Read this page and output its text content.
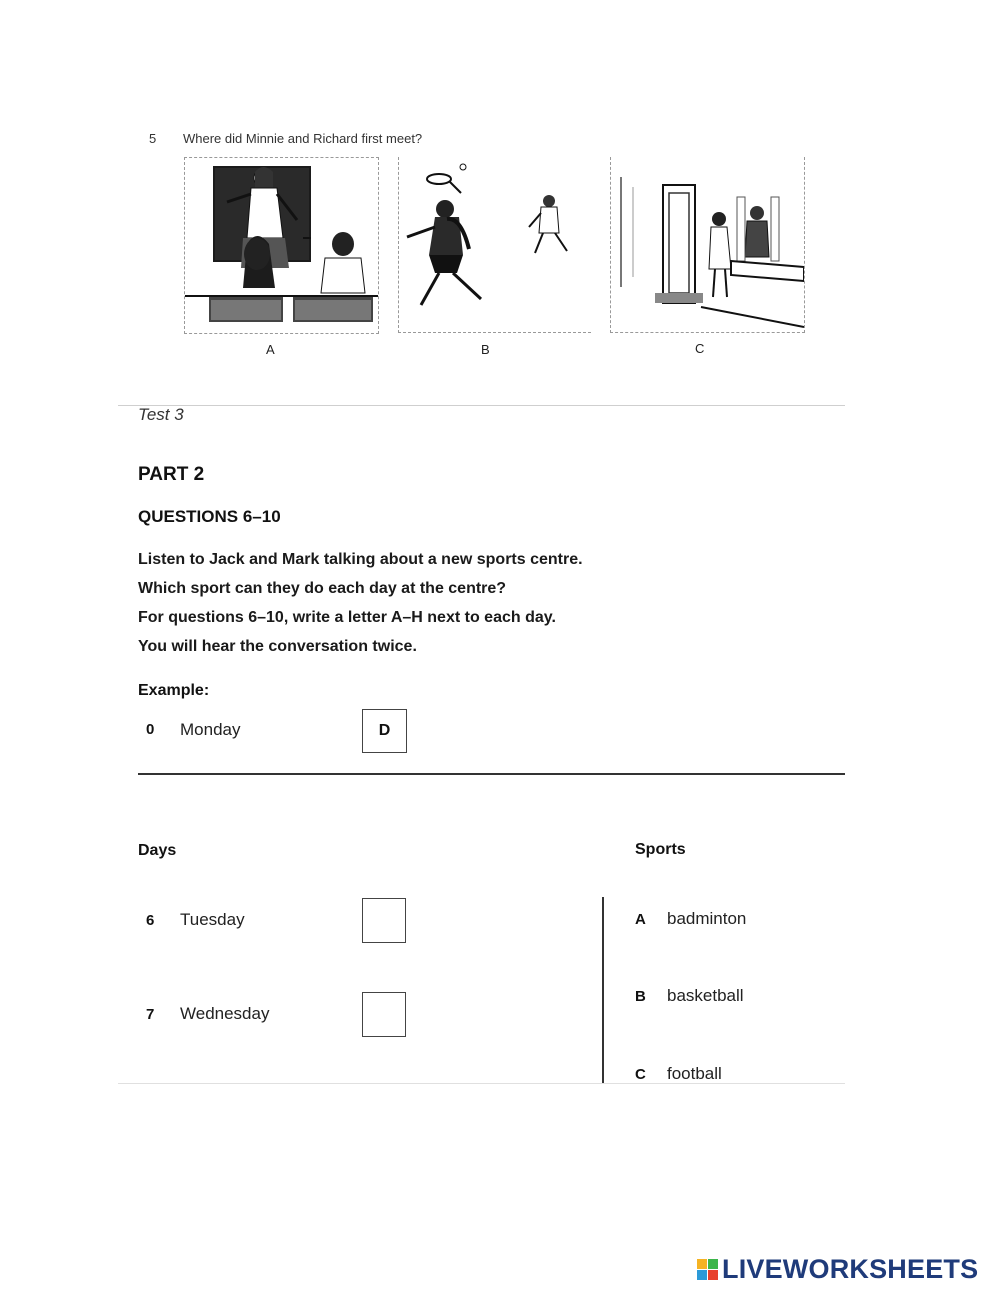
5 Where did Minnie and Richard first meet?
A	B	C
Test 3
PART 2
QUESTIONS 6–10
Listen to Jack and Mark talking about a new sports centre.
Which sport can they do each day at the centre?
For questions 6–10, write a letter A–H next to each day.
You will hear the conversation twice.
Example:
0 Monday	D
Days	Sports
6 Tuesday
7 Wednesday
A badminton
B basketball
C football
LIVEWORKSHEETS
